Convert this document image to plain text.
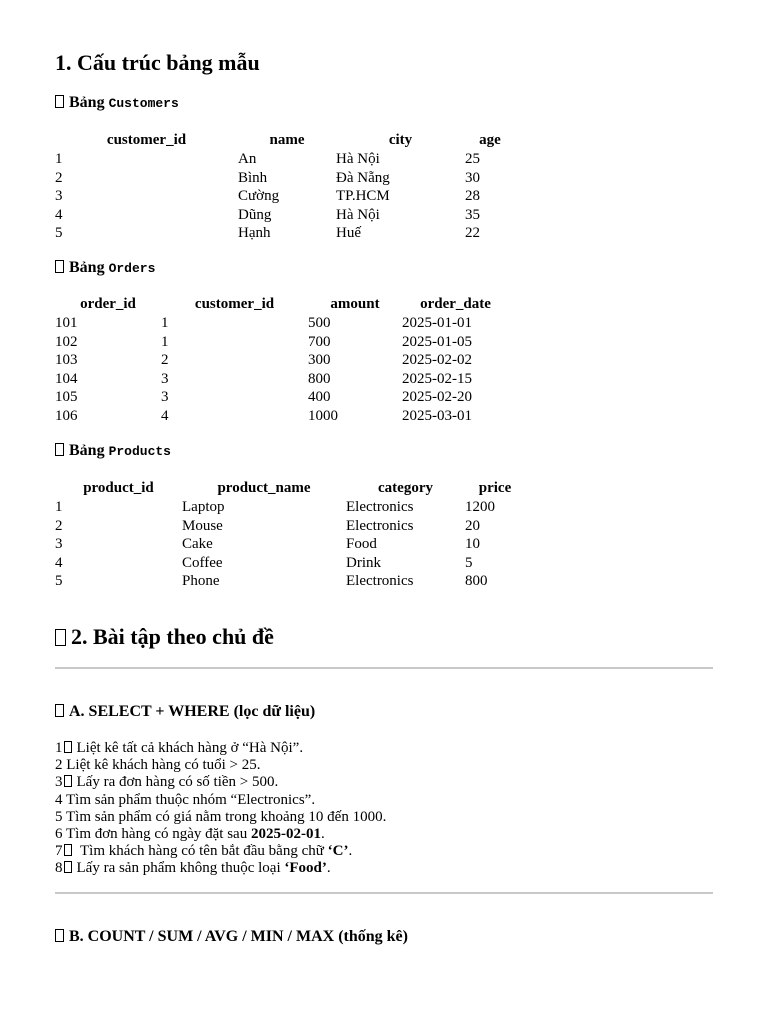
1. Cấu trúc bảng mẫu
Bảng Customers
customer_id	name	city	age
1	An	Hà Nội	25
2	Bình	Đà Nẵng	30
3	Cường	TP.HCM	28
4	Dũng	Hà Nội	35
5	Hạnh	Huế	22
Bảng Orders
order_id	customer_id	amount	order_date
101	1	500	2025-01-01
102	1	700	2025-01-05
103	2	300	2025-02-02
104	3	800	2025-02-15
105	3	400	2025-02-20
106	4	1000	2025-03-01
Bảng Products
product_id	product_name	category	price
1	Laptop	Electronics	1200
2	Mouse	Electronics	20
3	Cake	Food	10
4	Coffee	Drink	5
5	Phone	Electronics	800
2. Bài tập theo chủ đề
A. SELECT + WHERE (lọc dữ liệu)
1 Liệt kê tất cả khách hàng ở “Hà Nội”.
2 Liệt kê khách hàng có tuổi > 25.
3 Lấy ra đơn hàng có số tiền > 500.
4 Tìm sản phẩm thuộc nhóm “Electronics”.
5 Tìm sản phẩm có giá nằm trong khoảng 10 đến 1000.
6 Tìm đơn hàng có ngày đặt sau 2025-02-01.
7 Tìm khách hàng có tên bắt đầu bằng chữ ‘C’.
8 Lấy ra sản phẩm không thuộc loại ‘Food’.
B. COUNT / SUM / AVG / MIN / MAX (thống kê)
